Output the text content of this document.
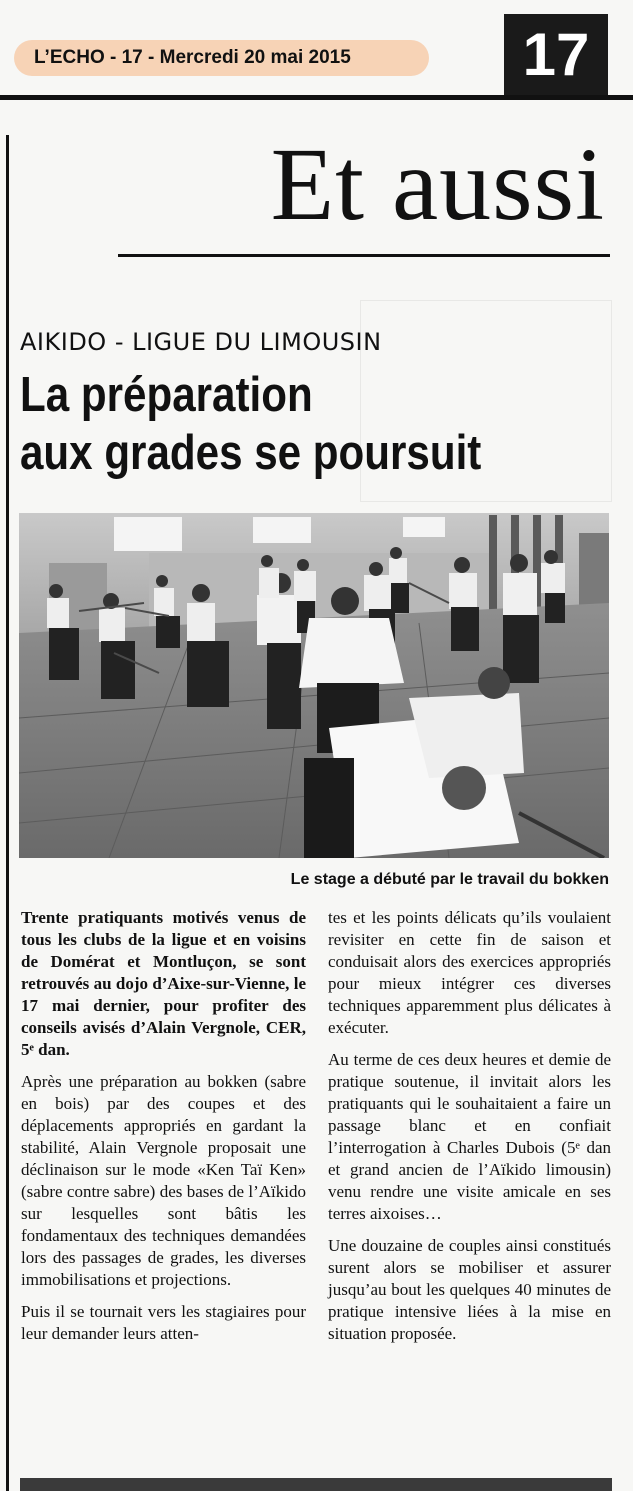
L’ECHO - 17 - Mercredi 20 mai 2015	17
Et aussi
AIKIDO - LIGUE DU LIMOUSIN
La préparation
aux grades se poursuit
Le stage a débuté par le travail du bokken

Trente pratiquants motivés venus de tous les clubs de la ligue et en voisins de Domérat et Montluçon, se sont retrouvés au dojo d’Aixe-sur-Vienne, le 17 mai dernier, pour profiter des conseils avisés d’Alain Vergnole, CER, 5ᵉ dan.

Après une préparation au bokken (sabre en bois) par des coupes et des déplacements appropriés en gardant la stabilité, Alain Vergnole proposait une déclinaison sur le mode «Ken Taï Ken» (sabre contre sabre) des bases de l’Aïkido sur lesquelles sont bâtis les fondamentaux des techniques demandées lors des passages de grades, les diverses immobilisations et projections.

Puis il se tournait vers les stagiaires pour leur demander leurs atten-

tes et les points délicats qu’ils voulaient revisiter en cette fin de saison et conduisait alors des exercices appropriés pour mieux intégrer ces diverses techniques apparemment plus délicates à exécuter.

Au terme de ces deux heures et demie de pratique soutenue, il invitait alors les pratiquants qui le souhaitaient a faire un passage blanc et en confiait l’interrogation à Charles Dubois (5ᵉ dan et grand ancien de l’Aïkido limousin) venu rendre une visite amicale en ses terres aixoises…

Une douzaine de couples ainsi constitués surent alors se mobiliser et assurer jusqu’au bout les quelques 40 minutes de pratique intensive liées à la mise en situation proposée.
